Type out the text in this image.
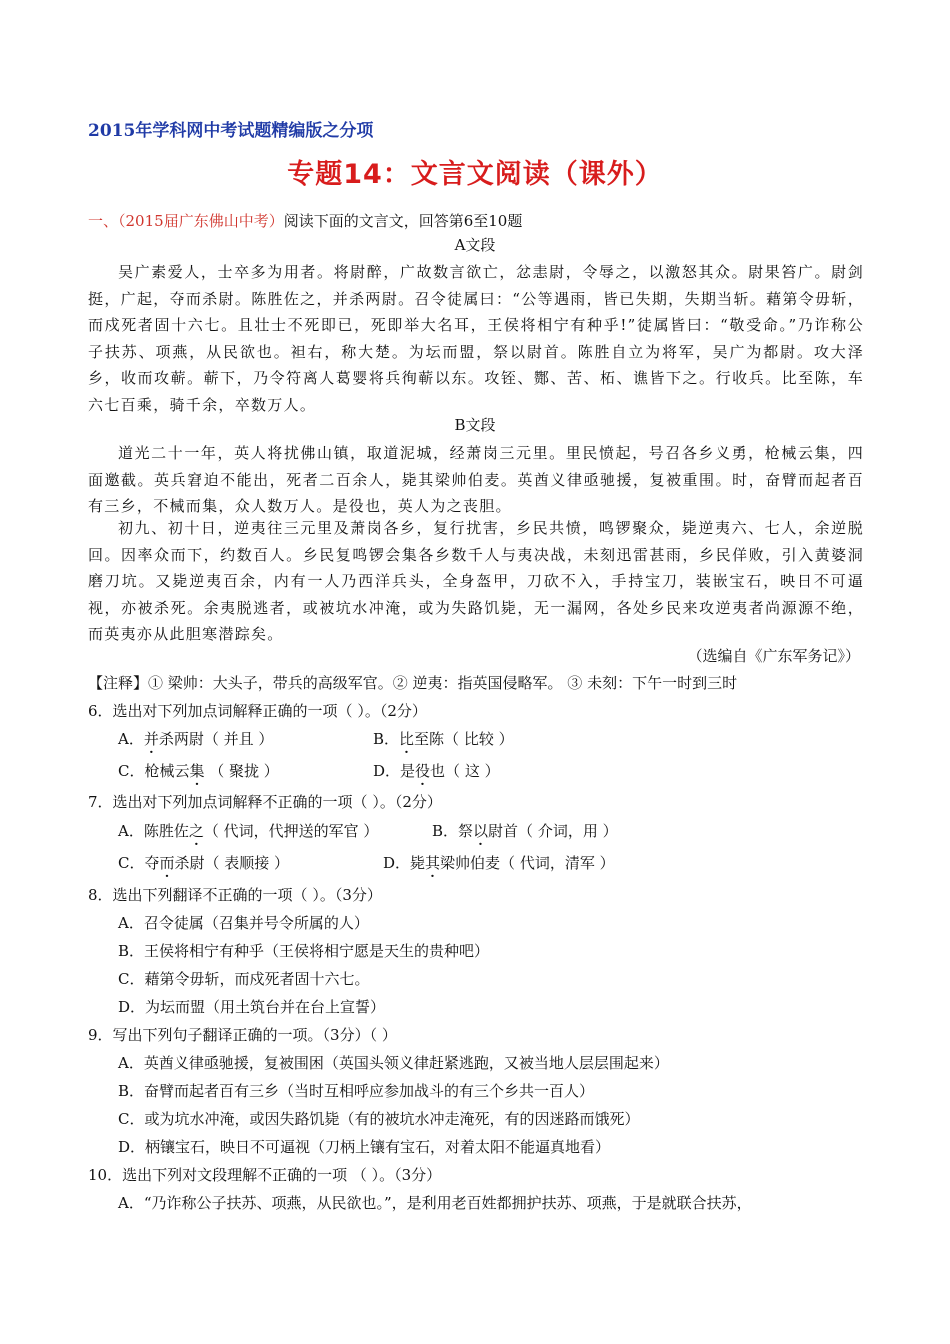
2015年学科网中考试题精编版之分项
专题14：文言文阅读（课外）
一、（2015届广东佛山中考）阅读下面的文言文，回答第6至10题
A文段
吴广素爱人，士卒多为用者。将尉醉，广故数言欲亡，忿恚尉，令辱之，以激怒其众。尉果笞广。尉剑挺，广起，夺而杀尉。陈胜佐之，并杀两尉。召令徒属曰：“公等遇雨，皆已失期，失期当斩。藉第令毋斩，而戍死者固十六七。且壮士不死即已，死即举大名耳，王侯将相宁有种乎!”徒属皆曰：“敬受命。”乃诈称公子扶苏、项燕，从民欲也。袒右，称大楚。为坛而盟，祭以尉首。陈胜自立为将军，吴广为都尉。攻大泽乡，收而攻蕲。蕲下，乃令符离人葛婴将兵徇蕲以东。攻铚、酂、苦、柘、谯皆下之。行收兵。比至陈，车六七百乘，骑千余，卒数万人。
B文段
道光二十一年，英人将扰佛山镇，取道泥城，经萧岗三元里。里民愤起，号召各乡义勇，枪械云集，四面邀截。英兵窘迫不能出，死者二百余人，毙其梁帅伯麦。英酋义律亟驰援，复被重围。时，奋臂而起者百有三乡，不械而集，众人数万人。是役也，英人为之丧胆。
初九、初十日，逆夷往三元里及萧岗各乡，复行扰害，乡民共愤，鸣锣聚众，毙逆夷六、七人，余逆脱回。因率众而下，约数百人。乡民复鸣锣会集各乡数千人与夷决战，未刻迅雷甚雨，乡民佯败，引入黄婆洞磨刀坑。又毙逆夷百余，内有一人乃西洋兵头，全身盔甲，刀砍不入，手持宝刀，装嵌宝石，映日不可逼视，亦被杀死。余夷脱逃者，或被坑水冲淹，或为失路饥毙，无一漏网，各处乡民来攻逆夷者尚源源不绝，而英夷亦从此胆寒潜踪矣。
（选编自《广东军务记》）
【注释】① 梁帅：大头子，带兵的高级军官。② 逆夷：指英国侵略军。 ③ 未刻：下午一时到三时
6．选出对下列加点词解释正确的一项（ ）。（2分）
A．并杀两尉（ 并且 ）	B．比至陈（ 比较 ）
C．枪械云集 （ 聚拢 ）	D．是役也（ 这 ）
7．选出对下列加点词解释不正确的一项（ ）。（2分）
A．陈胜佐之（ 代词，代押送的军官 ）	B．祭以尉首（ 介词，用 ）
C．夺而杀尉（ 表顺接 ）	D．毙其梁帅伯麦（ 代词，清军 ）
8．选出下列翻译不正确的一项（ ）。（3分）
A．召令徒属（召集并号令所属的人）
B．王侯将相宁有种乎（王侯将相宁愿是天生的贵种吧）
C．藉第令毋斩，而戍死者固十六七。
D．为坛而盟（用土筑台并在台上宣誓）
9．写出下列句子翻译正确的一项。（3分）（ ）
A．英酋义律亟驰援，复被围困（英国头领义律赶紧逃跑，又被当地人层层围起来）
B．奋臂而起者百有三乡（当时互相呼应参加战斗的有三个乡共一百人）
C．或为坑水冲淹，或因失路饥毙（有的被坑水冲走淹死，有的因迷路而饿死）
D．柄镶宝石，映日不可逼视（刀柄上镶有宝石，对着太阳不能逼真地看）
10．选出下列对文段理解不正确的一项 （ ）。（3分）
A．“乃诈称公子扶苏、项燕，从民欲也。”，是利用老百姓都拥护扶苏、项燕，于是就联合扶苏，
